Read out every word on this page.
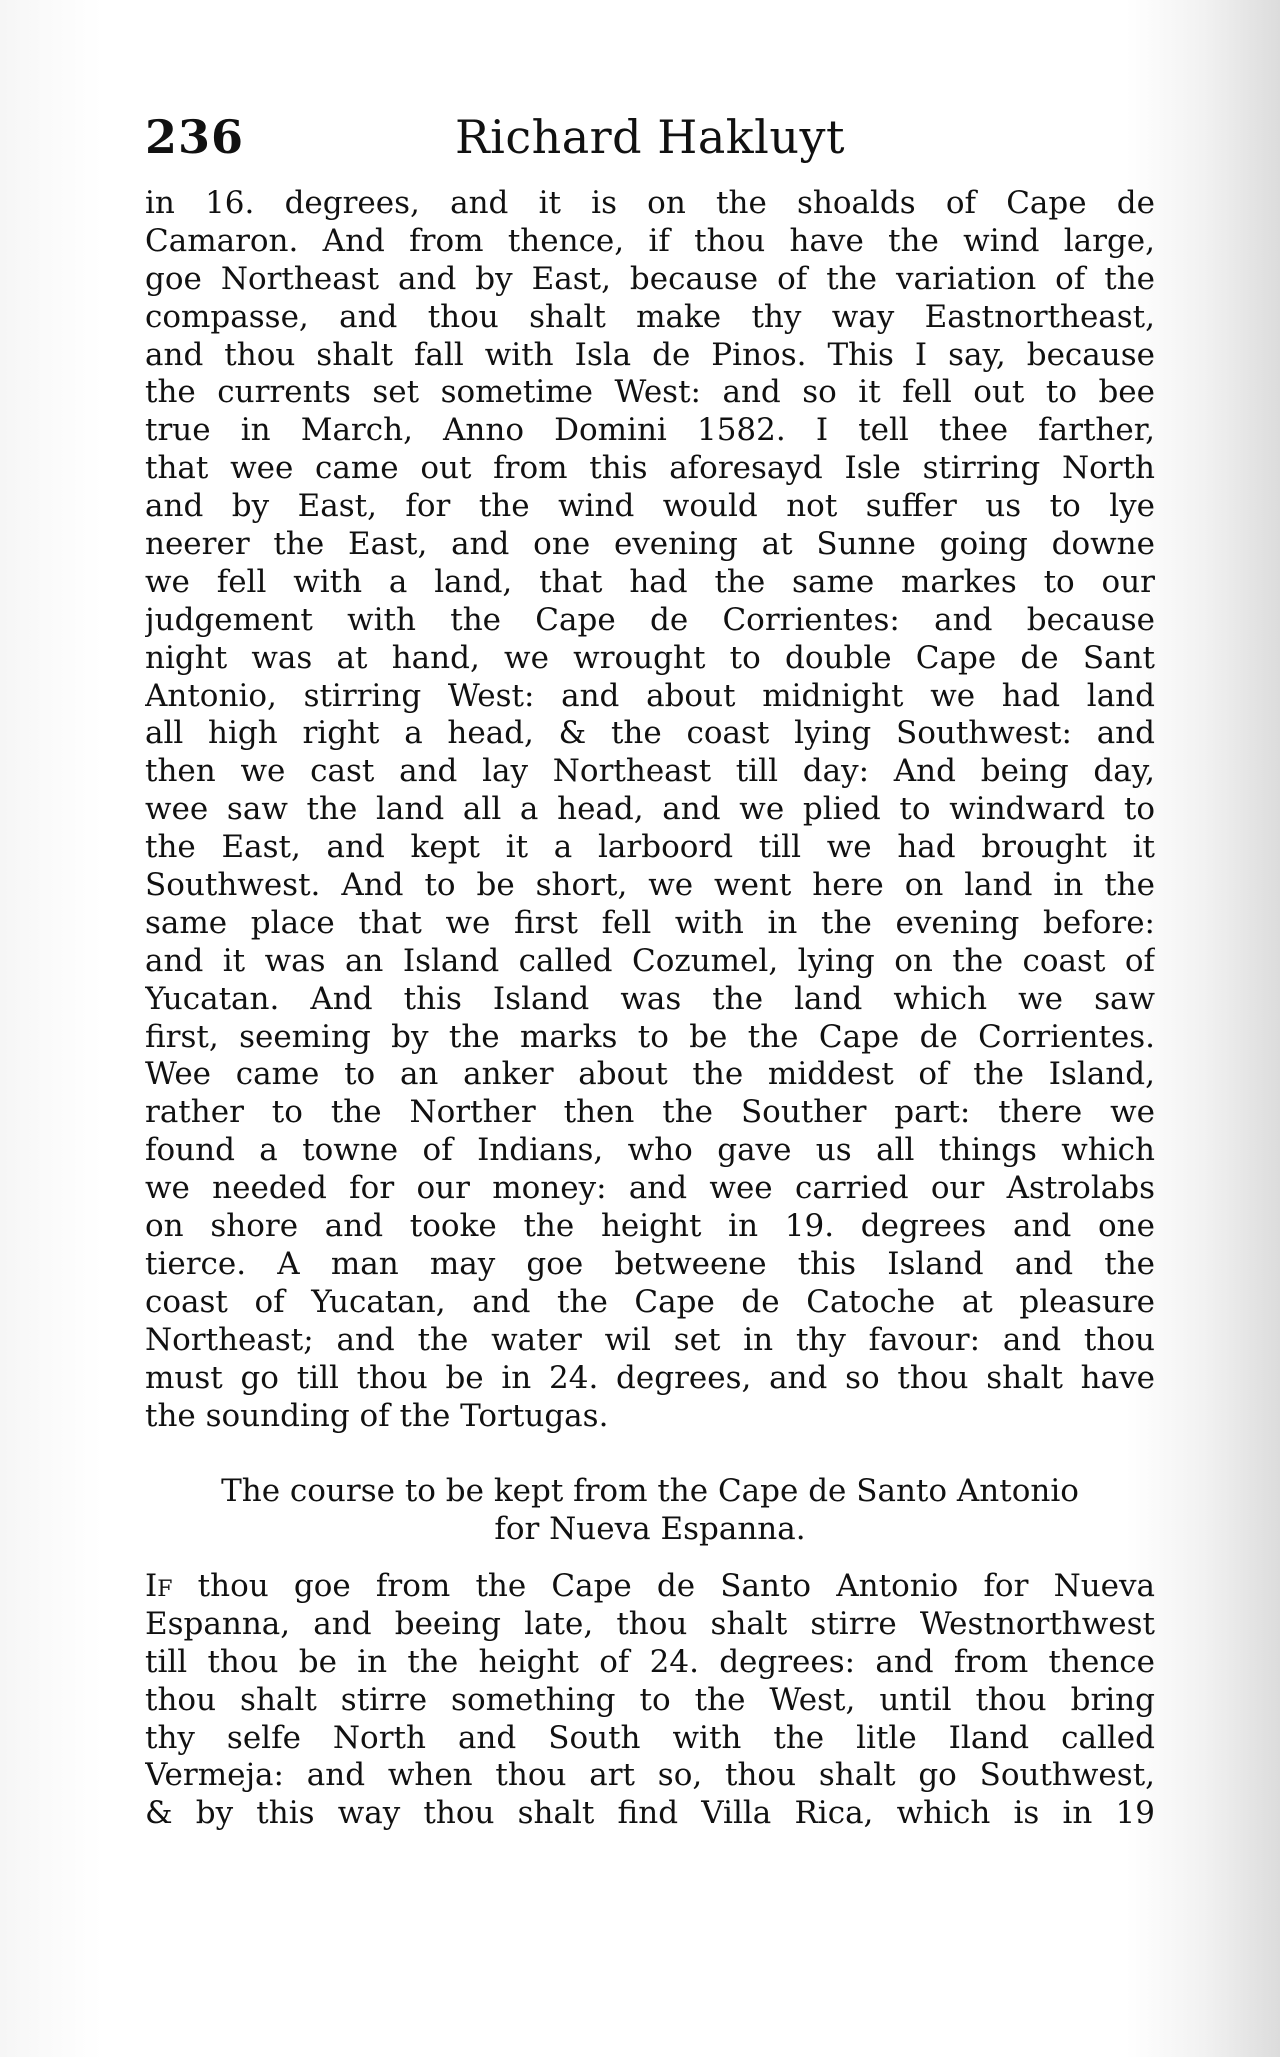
236	Richard Hakluyt
in 16. degrees, and it is on the shoalds of Cape de
Camaron. And from thence, if thou have the wind large,
goe Northeast and by East, because of the variation of the
compasse, and thou shalt make thy way Eastnortheast,
and thou shalt fall with Isla de Pinos. This I say, because
the currents set sometime West: and so it fell out to bee
true in March, Anno Domini 1582. I tell thee farther,
that wee came out from this aforesayd Isle stirring North
and by East, for the wind would not suffer us to lye
neerer the East, and one evening at Sunne going downe
we fell with a land, that had the same markes to our
judgement with the Cape de Corrientes: and because
night was at hand, we wrought to double Cape de Sant
Antonio, stirring West: and about midnight we had land
all high right a head, & the coast lying Southwest: and
then we cast and lay Northeast till day: And being day,
wee saw the land all a head, and we plied to windward to
the East, and kept it a larboord till we had brought it
Southwest. And to be short, we went here on land in the
same place that we first fell with in the evening before:
and it was an Island called Cozumel, lying on the coast of
Yucatan. And this Island was the land which we saw
first, seeming by the marks to be the Cape de Corrientes.
Wee came to an anker about the middest of the Island,
rather to the Norther then the Souther part: there we
found a towne of Indians, who gave us all things which
we needed for our money: and wee carried our Astrolabs
on shore and tooke the height in 19. degrees and one
tierce. A man may goe betweene this Island and the
coast of Yucatan, and the Cape de Catoche at pleasure
Northeast; and the water wil set in thy favour: and thou
must go till thou be in 24. degrees, and so thou shalt have
the sounding of the Tortugas.
The course to be kept from the Cape de Santo Antonio
for Nueva Espanna.
If thou goe from the Cape de Santo Antonio for Nueva
Espanna, and beeing late, thou shalt stirre Westnorthwest
till thou be in the height of 24. degrees: and from thence
thou shalt stirre something to the West, until thou bring
thy selfe North and South with the litle Iland called
Vermeja: and when thou art so, thou shalt go Southwest,
& by this way thou shalt find Villa Rica, which is in 19
